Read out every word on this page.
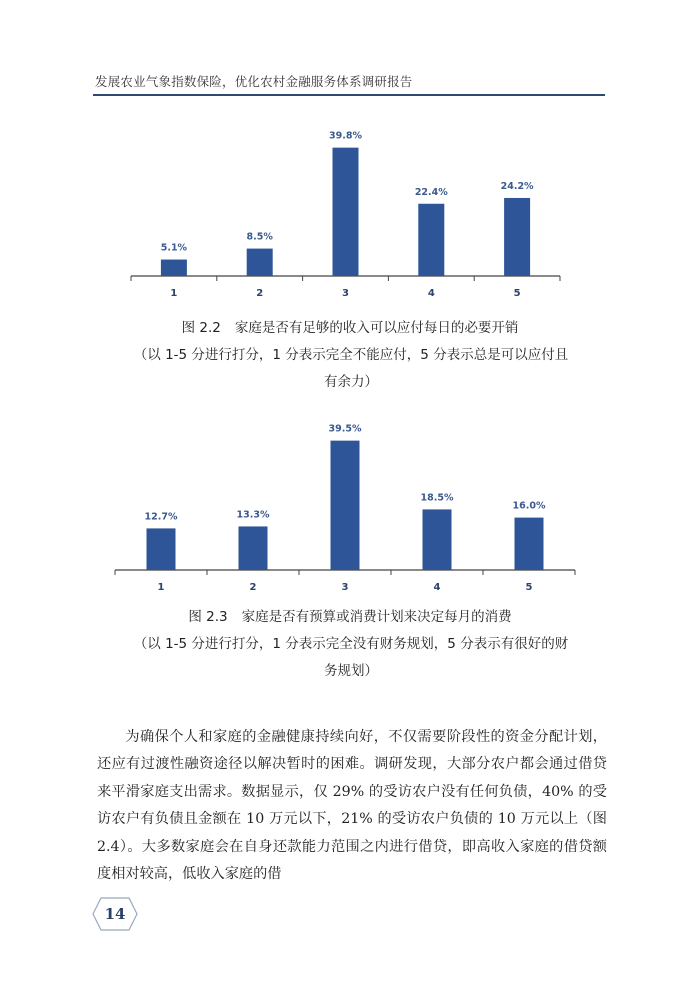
发展农业气象指数保险，优化农村金融服务体系调研报告
5.1%
1
8.5%
2
39.8%
3
22.4%
4
24.2%
5
图 2.2 家庭是否有足够的收入可以应付每日的必要开销
（以 1-5 分进行打分，1 分表示完全不能应付，5 分表示总是可以应付且
有余力）
12.7%
1
13.3%
2
39.5%
3
18.5%
4
16.0%
5
图 2.3 家庭是否有预算或消费计划来决定每月的消费
（以 1-5 分进行打分，1 分表示完全没有财务规划，5 分表示有很好的财
务规划）
为确保个人和家庭的金融健康持续向好，不仅需要阶段性的资金分配计划，还应有过渡性融资途径以解决暂时的困难。调研发现，大部分农户都会通过借贷来平滑家庭支出需求。数据显示，仅 29% 的受访农户没有任何负债，40% 的受访农户有负债且金额在 10 万元以下，21% 的受访农户负债的 10 万元以上（图 2.4）。大多数家庭会在自身还款能力范围之内进行借贷，即高收入家庭的借贷额度相对较高，低收入家庭的借
14
